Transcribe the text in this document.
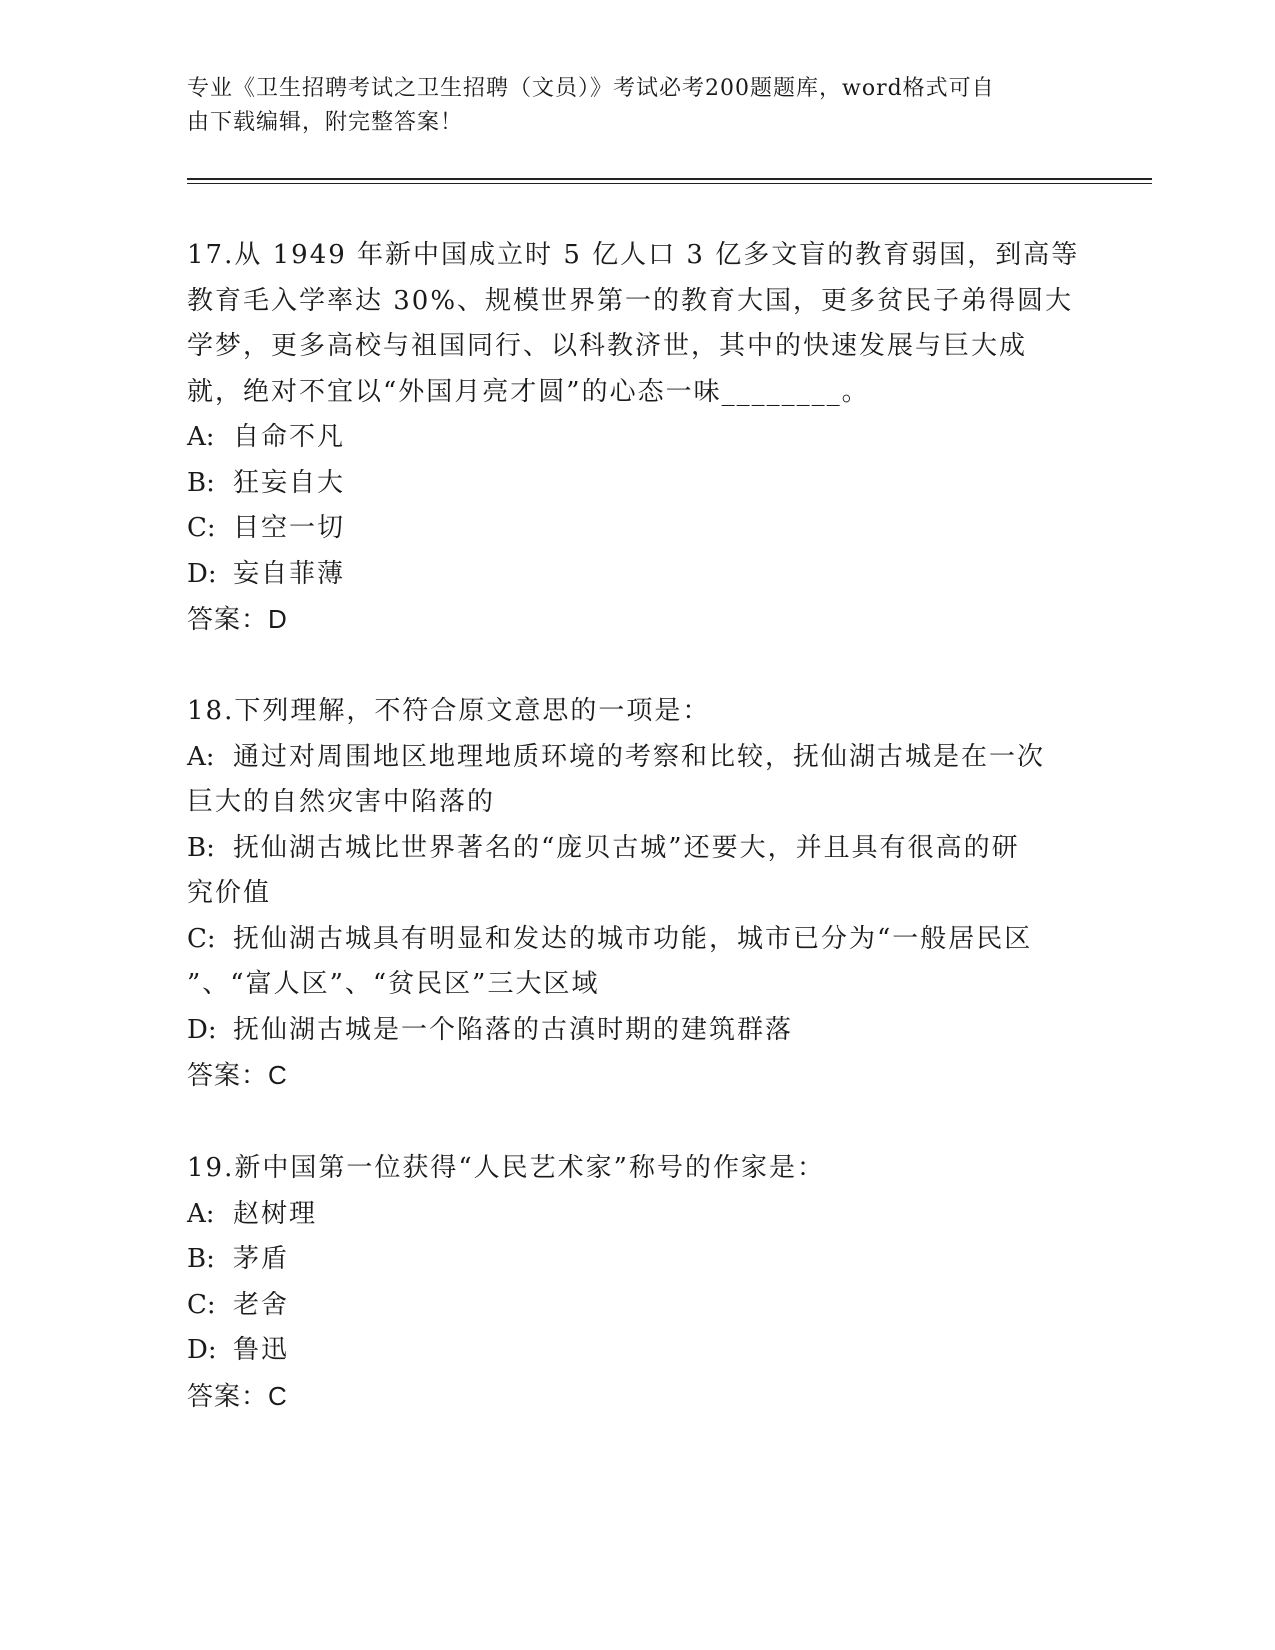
专业《卫生招聘考试之卫生招聘（文员）》考试必考200题题库，word格式可自
由下载编辑，附完整答案！

17.从 1949 年新中国成立时 5 亿人口 3 亿多文盲的教育弱国，到高等

教育毛入学率达 30%、规模世界第一的教育大国，更多贫民子弟得圆大

学梦，更多高校与祖国同行、以科教济世，其中的快速发展与巨大成

就，绝对不宜以“外国月亮才圆”的心态一味________。

A: 自命不凡

B: 狂妄自大

C: 目空一切

D: 妄自菲薄

答案：D

18.下列理解，不符合原文意思的一项是：

A: 通过对周围地区地理地质环境的考察和比较，抚仙湖古城是在一次

巨大的自然灾害中陷落的

B: 抚仙湖古城比世界著名的“庞贝古城”还要大，并且具有很高的研

究价值

C: 抚仙湖古城具有明显和发达的城市功能，城市已分为“一般居民区

”、“富人区”、“贫民区”三大区域

D: 抚仙湖古城是一个陷落的古滇时期的建筑群落

答案：C

19.新中国第一位获得“人民艺术家”称号的作家是：

A: 赵树理

B: 茅盾

C: 老舍

D: 鲁迅

答案：C
